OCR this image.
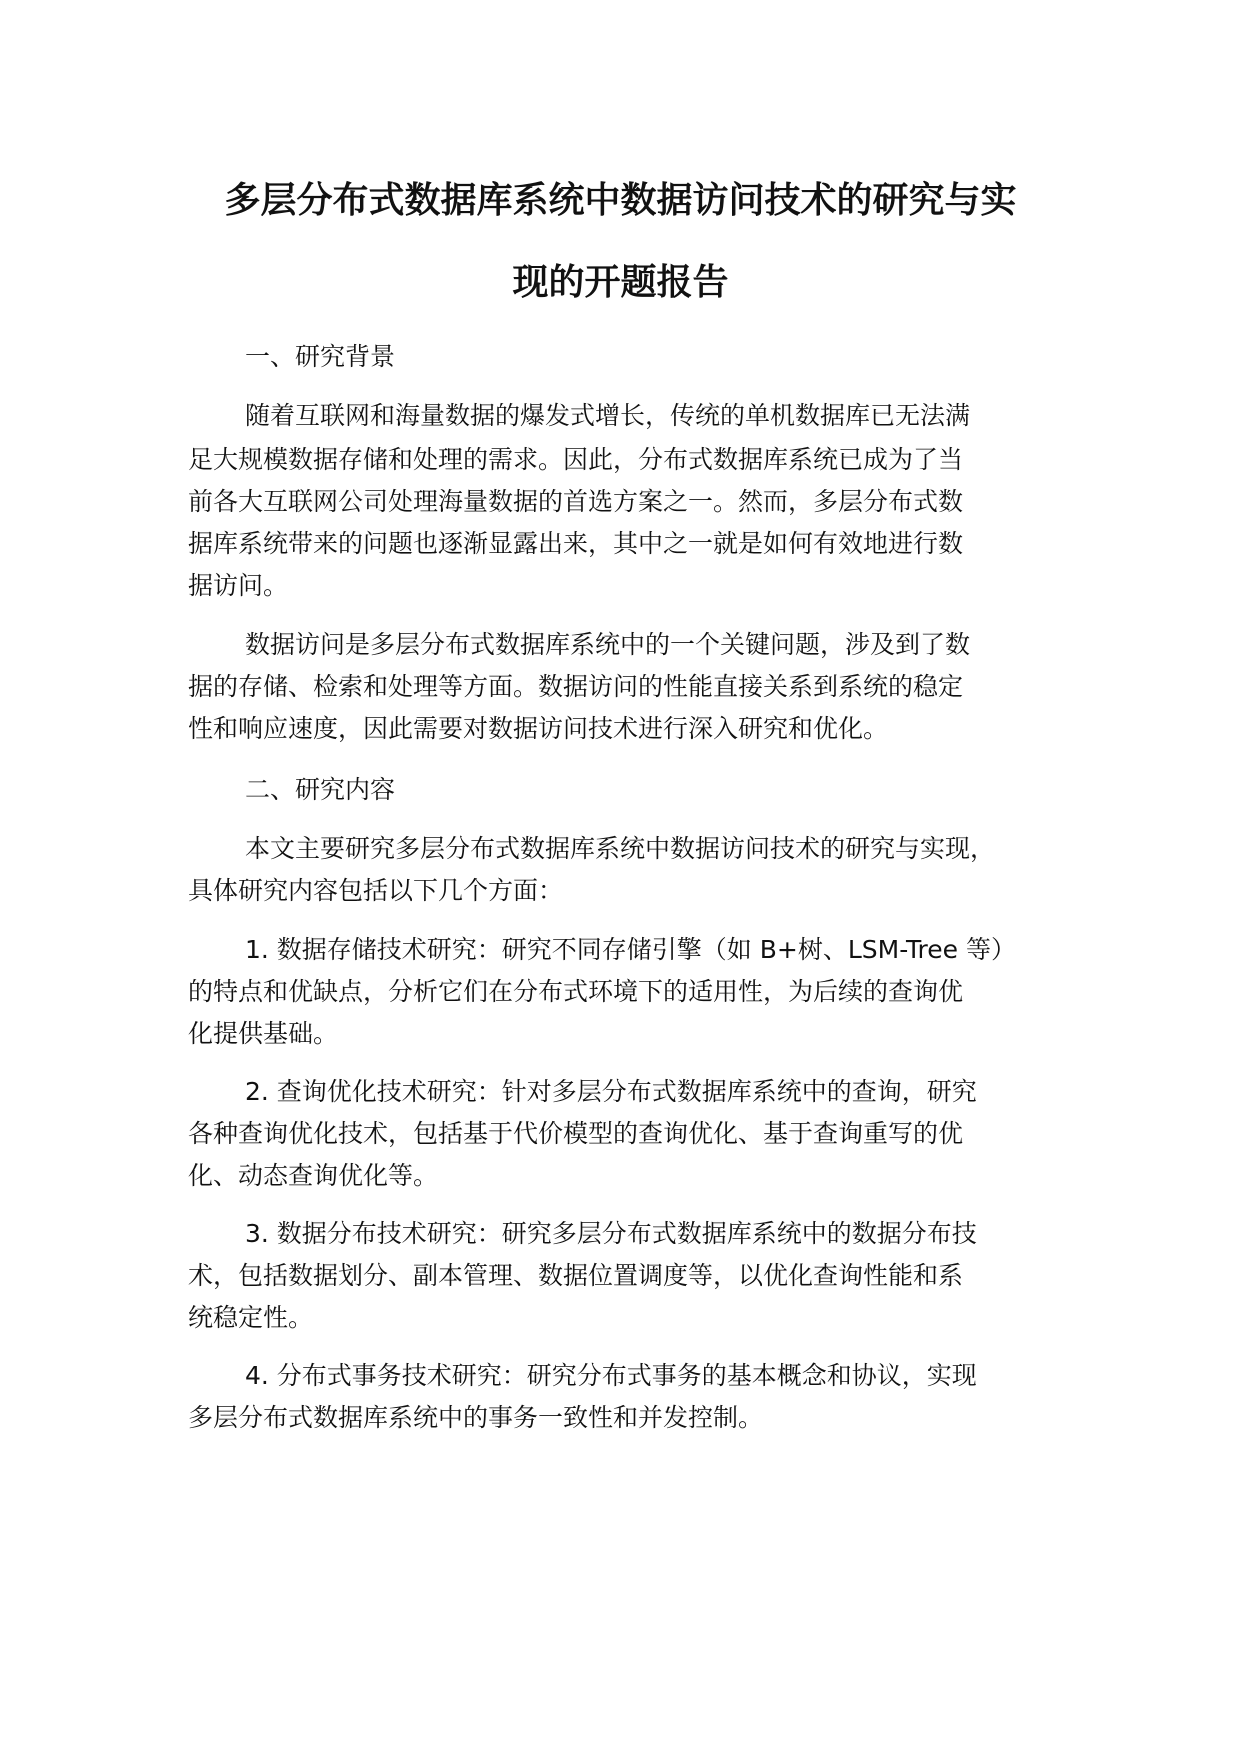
多层分布式数据库系统中数据访问技术的研究与实
现的开题报告
一、研究背景
随着互联网和海量数据的爆发式增长，传统的单机数据库已无法满
足大规模数据存储和处理的需求。因此，分布式数据库系统已成为了当
前各大互联网公司处理海量数据的首选方案之一。然而，多层分布式数
据库系统带来的问题也逐渐显露出来，其中之一就是如何有效地进行数
据访问。
数据访问是多层分布式数据库系统中的一个关键问题，涉及到了数
据的存储、检索和处理等方面。数据访问的性能直接关系到系统的稳定
性和响应速度，因此需要对数据访问技术进行深入研究和优化。
二、研究内容
本文主要研究多层分布式数据库系统中数据访问技术的研究与实现，
具体研究内容包括以下几个方面：
1. 数据存储技术研究：研究不同存储引擎（如 B+树、LSM-Tree 等）
的特点和优缺点，分析它们在分布式环境下的适用性，为后续的查询优
化提供基础。
2. 查询优化技术研究：针对多层分布式数据库系统中的查询，研究
各种查询优化技术，包括基于代价模型的查询优化、基于查询重写的优
化、动态查询优化等。
3. 数据分布技术研究：研究多层分布式数据库系统中的数据分布技
术，包括数据划分、副本管理、数据位置调度等，以优化查询性能和系
统稳定性。
4. 分布式事务技术研究：研究分布式事务的基本概念和协议，实现
多层分布式数据库系统中的事务一致性和并发控制。
